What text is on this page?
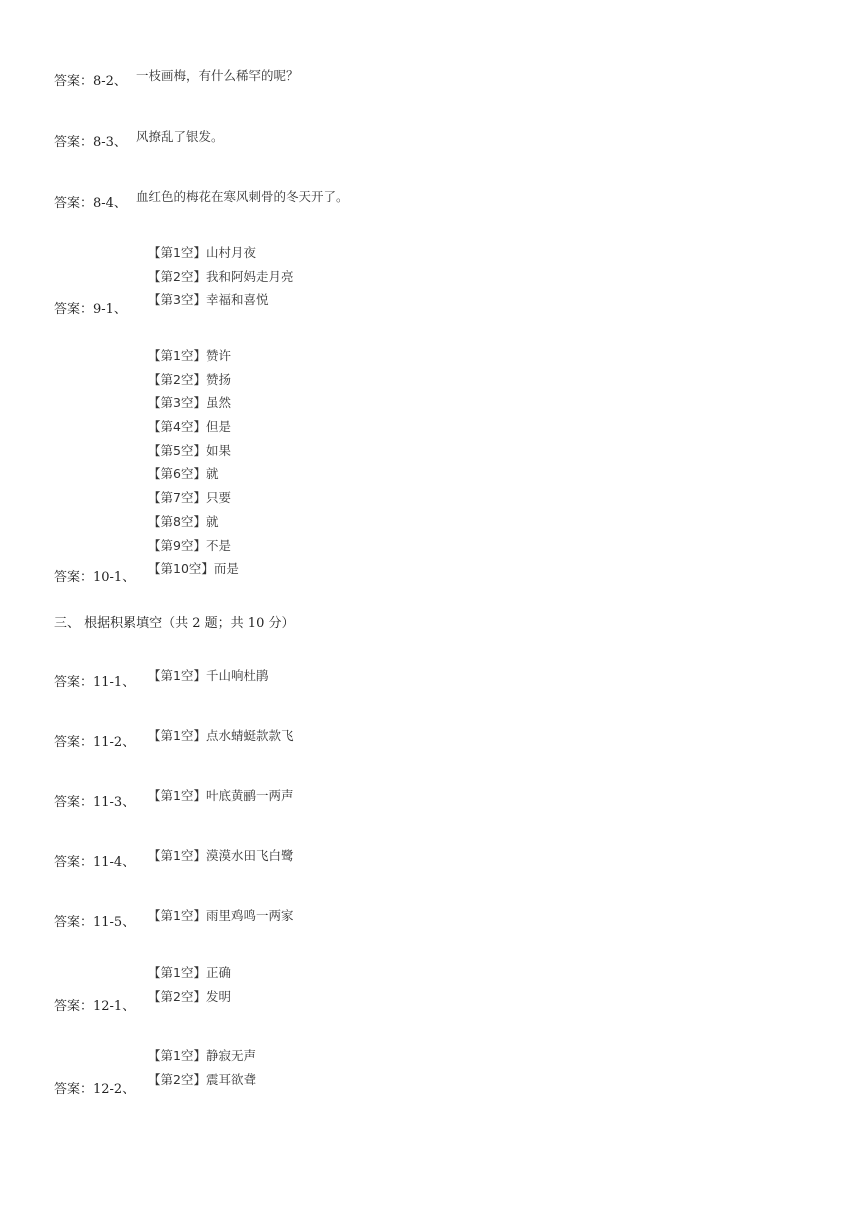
答案：8-2、 一枝画梅，有什么稀罕的呢？
答案：8-3、 风撩乱了银发。
答案：8-4、 血红色的梅花在寒风刺骨的冬天开了。
【第1空】山村月夜
【第2空】我和阿妈走月亮
【第3空】幸福和喜悦
答案：9-1、
【第1空】赞许
【第2空】赞扬
【第3空】虽然
【第4空】但是
【第5空】如果
【第6空】就
【第7空】只要
【第8空】就
【第9空】不是
【第10空】而是
答案：10-1、
三、 根据积累填空（共 2 题；共 10 分）
答案：11-1、 【第1空】千山响杜鹃
答案：11-2、 【第1空】点水蜻蜓款款飞
答案：11-3、 【第1空】叶底黄鹂一两声
答案：11-4、 【第1空】漠漠水田飞白鹭
答案：11-5、 【第1空】雨里鸡鸣一两家
【第1空】正确
【第2空】发明
答案：12-1、
【第1空】静寂无声
【第2空】震耳欲聋
答案：12-2、
